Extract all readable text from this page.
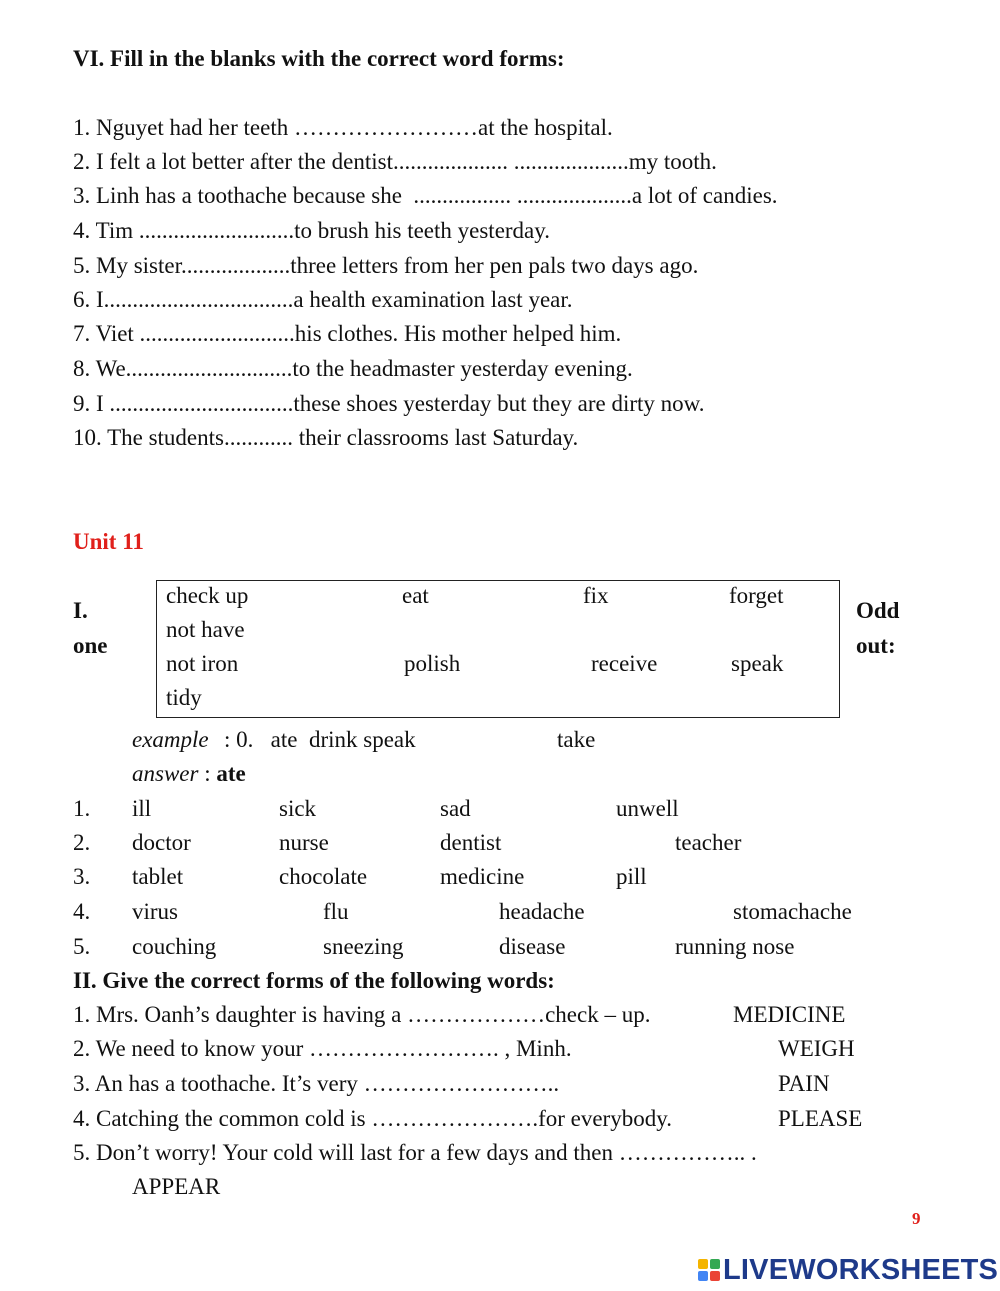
VI. Fill in the blanks with the correct word forms:
1. Nguyet had her teeth ……………………at the hospital.
2. I felt a lot better after the dentist.................... ....................my tooth.
3. Linh has a toothache because she  ................. ....................a lot of candies.
4. Tim ...........................to brush his teeth yesterday.
5. My sister...................three letters from her pen pals two days ago.
6. I.................................a health examination last year.
7. Viet ...........................his clothes. His mother helped him.
8. We.............................to the headmaster yesterday evening.
9. I ................................these shoes yesterday but they are dirty now.
10. The students............ their classrooms last Saturday.
Unit 11
I.
one
Odd
out:
check up	eat	fix	forget
not have
not iron	polish	receive	speak
tidy
example : 0.   ate  drink speak	take
answer : ate
1. ill	sick	sad	unwell
2. doctor	nurse	dentist	teacher
3. tablet	chocolate	medicine	pill
4. virus	flu	headache	stomachache
5. couching	sneezing	disease	running nose
II. Give the correct forms of the following words:
1. Mrs. Oanh’s daughter is having a ………………check – up.	MEDICINE
2. We need to know your ……………………. , Minh.	WEIGH
3. An has a toothache. It’s very ……………………..	PAIN
4. Catching the common cold is ………………….for everybody.	PLEASE
5. Don’t worry! Your cold will last for a few days and then …………….. .
APPEAR
9
LIVEWORKSHEETS
